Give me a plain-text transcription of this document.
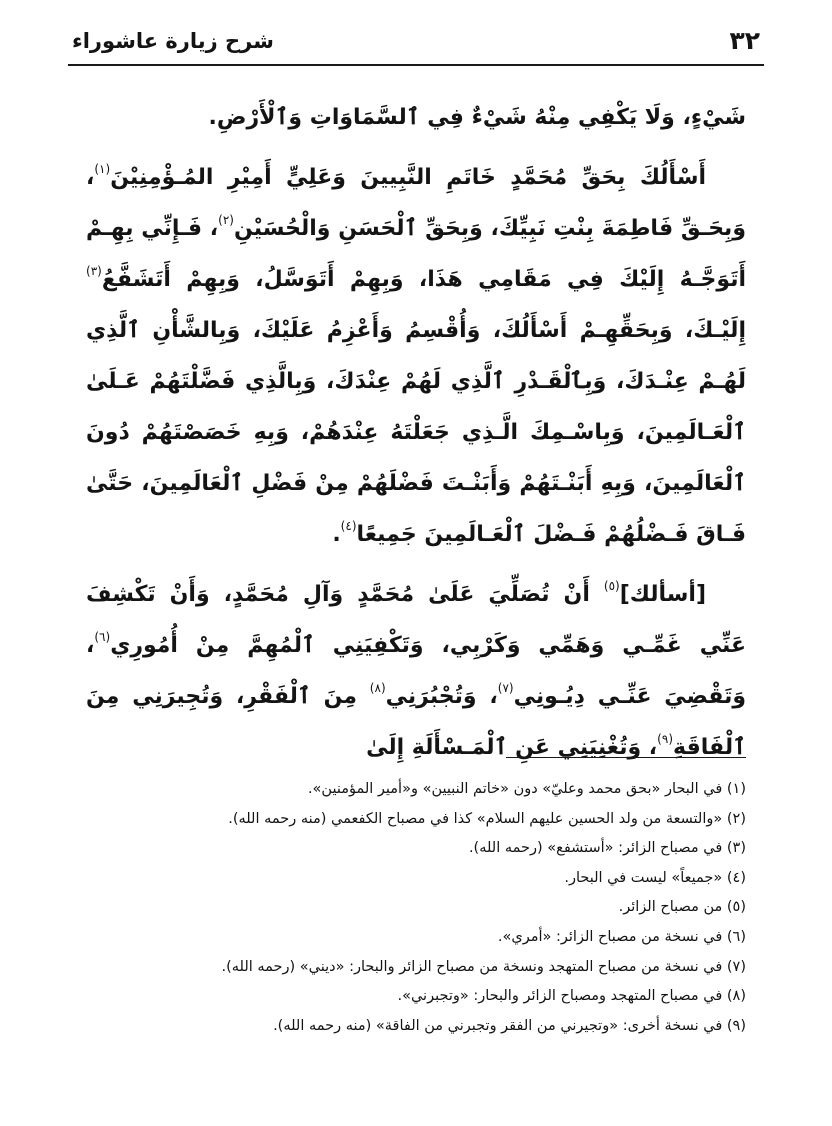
٣٢
شرح زيارة عاشوراء

شَيْءٍ، وَلَا يَكْفِي مِنْهُ شَيْءٌ فِي ٱلسَّمَاوَاتِ وَٱلْأَرْضِ.

أَسْأَلُكَ بِحَقِّ مُحَمَّدٍ خَاتَمِ النَّبِيينَ وَعَلِيٍّ أَمِيْرِ المُـؤْمِنِيْنَ$^{(١)}$، وَبِحَـقِّ فَاطِمَةَ بِنْتِ نَبِيِّكَ، وَبِحَقِّ ٱلْحَسَنِ وَالْحُسَيْنِ$^{(٢)}$، فَـإِنِّي بِهِـمْ أَتَوَجَّـهُ إِلَيْكَ فِي مَقَامِي هَذَا، وَبِهِمْ أَتَوَسَّلُ، وَبِهِمْ أَتَشَفَّعُ$^{(٣)}$ إِلَيْـكَ، وَبِحَقِّهِـمْ أَسْأَلُكَ، وَأُقْسِمُ وَأَعْزِمُ عَلَيْكَ، وَبِالشَّأْنِ ٱلَّذِي لَهُـمْ عِنْـدَكَ، وَبِٱلْقَـدْرِ ٱلَّذِي لَهُمْ عِنْدَكَ، وَبِالَّذِي فَضَّلْتَهُمْ عَـلَىٰ ٱلْعَـالَمِينَ، وَبِاسْـمِكَ الَّـذِي جَعَلْتَهُ عِنْدَهُمْ، وَبِهِ خَصَصْتَهُمْ دُونَ ٱلْعَالَمِينَ، وَبِهِ أَبَنْـتَهُمْ وَأَبَنْـتَ فَضْلَهُمْ مِنْ فَضْلِ ٱلْعَالَمِينَ، حَتَّىٰ فَـاقَ فَـضْلُهُمْ فَـضْلَ ٱلْعَـالَمِينَ جَمِيعًا$^{(٤)}$.

[أسألك]$^{(٥)}$ أَنْ تُصَلِّيَ عَلَىٰ مُحَمَّدٍ وَآلِ مُحَمَّدٍ، وَأَنْ تَكْشِفَ عَنِّي غَمِّـي وَهَمِّي وَكَرْبِي، وَتَكْفِيَنِي ٱلْمُهِمَّ مِنْ أُمُورِي$^{(٦)}$، وَتَقْضِيَ عَنِّـي دِيُـونِي$^{(٧)}$، وَتُجْبُرَنِي$^{(٨)}$ مِنَ ٱلْفَقْرِ، وَتُجِيرَنِي مِنَ ٱلْفَاقَةِ$^{(٩)}$، وَتُغْنِيَنِي عَنِ ٱلْمَـسْأَلَةِ إِلَىٰ

(١) في البحار «بحق محمد وعليّ» دون «خاتم النبيين» و«أمير المؤمنين».
(٢) «والتسعة من ولد الحسين عليهم السلام» كذا في مصباح الكفعمي (منه رحمه الله).
(٣) في مصباح الزائر: «أستشفع» (رحمه الله).
(٤) «جميعاً» ليست في البحار.
(٥) من مصباح الزائر.
(٦) في نسخة من مصباح الزائر: «أمري».
(٧) في نسخة من مصباح المتهجد ونسخة من مصباح الزائر والبحار: «ديني» (رحمه الله).
(٨) في مصباح المتهجد ومصباح الزائر والبحار: «وتجبرني».
(٩) في نسخة أخرى: «وتجيرني من الفقر وتجبرني من الفاقة» (منه رحمه الله).
